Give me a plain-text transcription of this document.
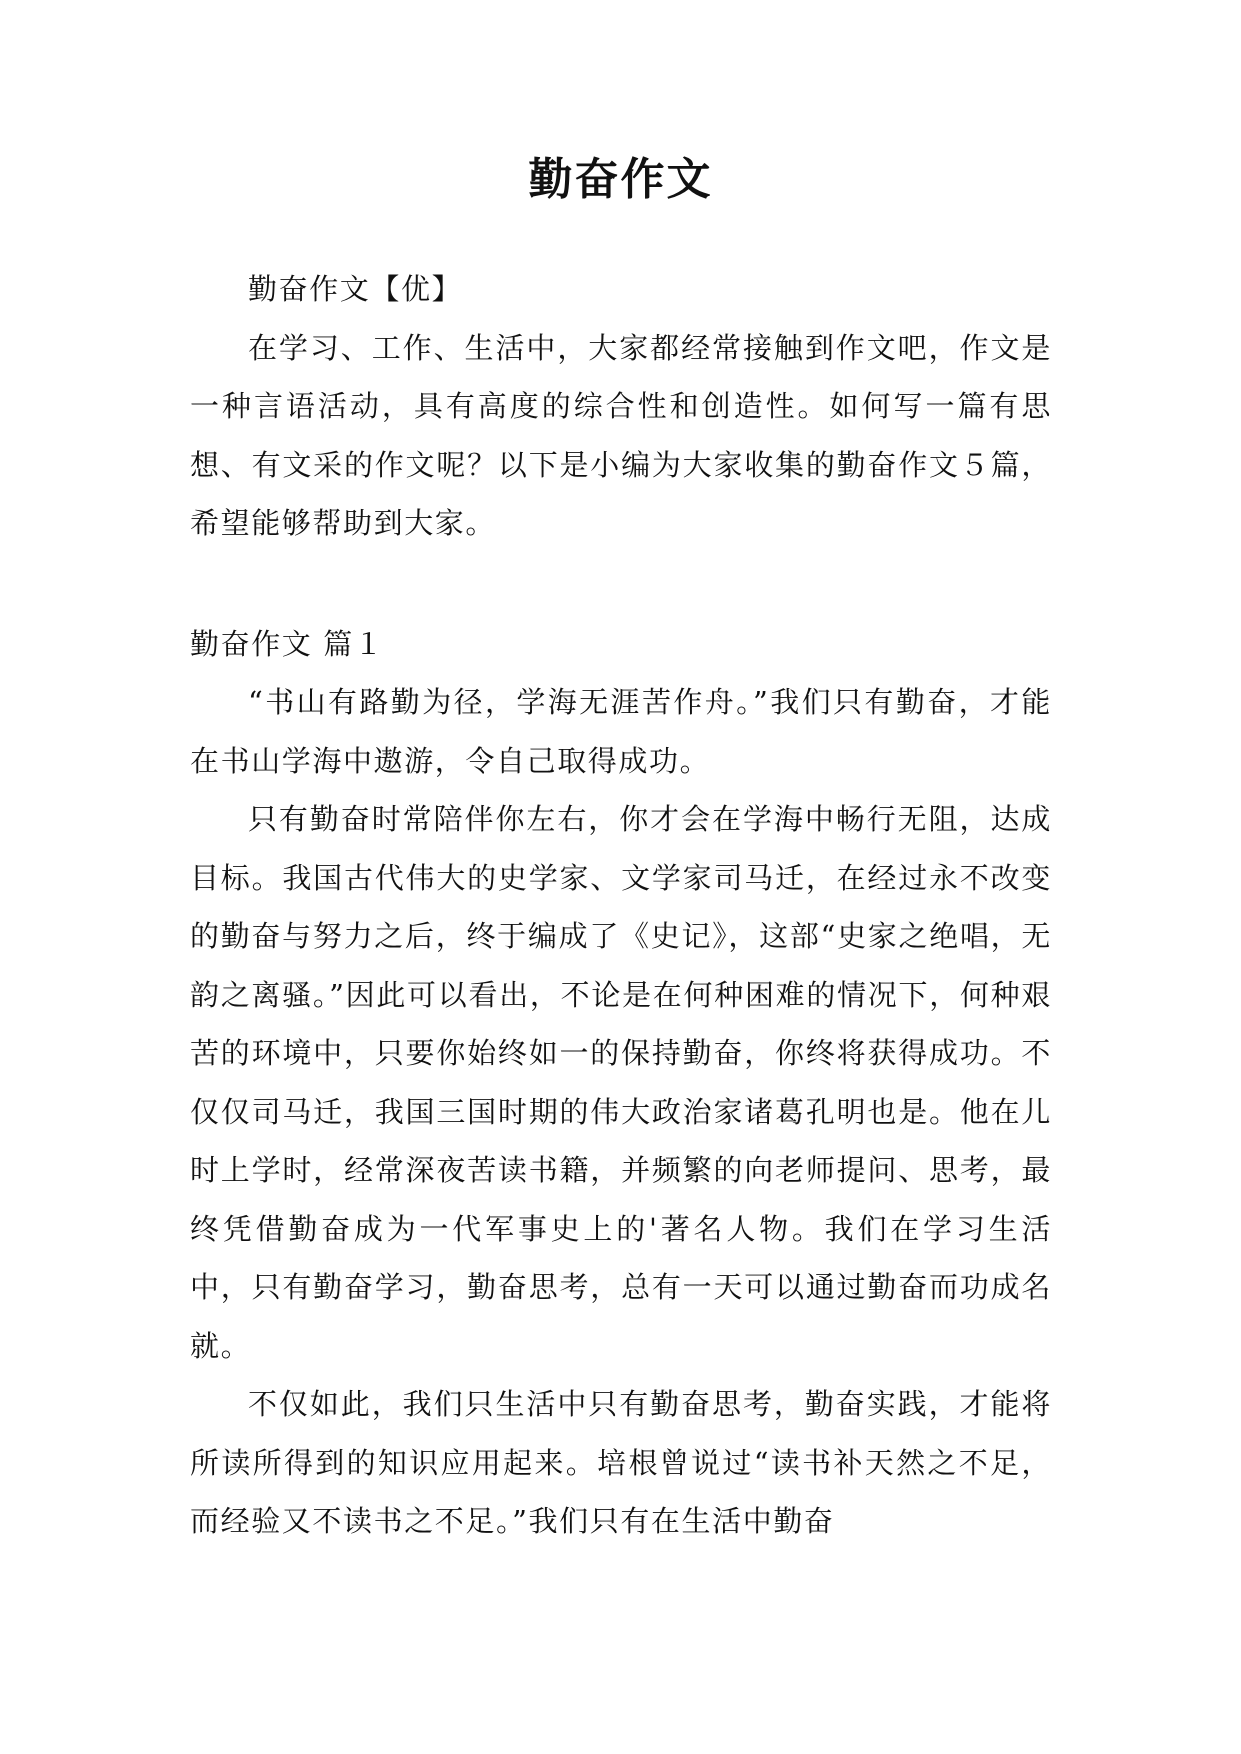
勤奋作文

勤奋作文【优】

在学习、工作、生活中，大家都经常接触到作文吧，作文是一种言语活动，具有高度的综合性和创造性。如何写一篇有思想、有文采的作文呢？以下是小编为大家收集的勤奋作文５篇，希望能够帮助到大家。

勤奋作文 篇１

“书山有路勤为径，学海无涯苦作舟。”我们只有勤奋，才能在书山学海中遨游，令自己取得成功。

只有勤奋时常陪伴你左右，你才会在学海中畅行无阻，达成目标。我国古代伟大的史学家、文学家司马迁，在经过永不改变的勤奋与努力之后，终于编成了《史记》，这部“史家之绝唱，无韵之离骚。”因此可以看出，不论是在何种困难的情况下，何种艰苦的环境中，只要你始终如一的保持勤奋，你终将获得成功。不仅仅司马迁，我国三国时期的伟大政治家诸葛孔明也是。他在儿时上学时，经常深夜苦读书籍，并频繁的向老师提问、思考，最终凭借勤奋成为一代军事史上的'著名人物。我们在学习生活中，只有勤奋学习，勤奋思考，总有一天可以通过勤奋而功成名就。

不仅如此，我们只生活中只有勤奋思考，勤奋实践，才能将所读所得到的知识应用起来。培根曾说过“读书补天然之不足，而经验又不读书之不足。”我们只有在生活中勤奋
